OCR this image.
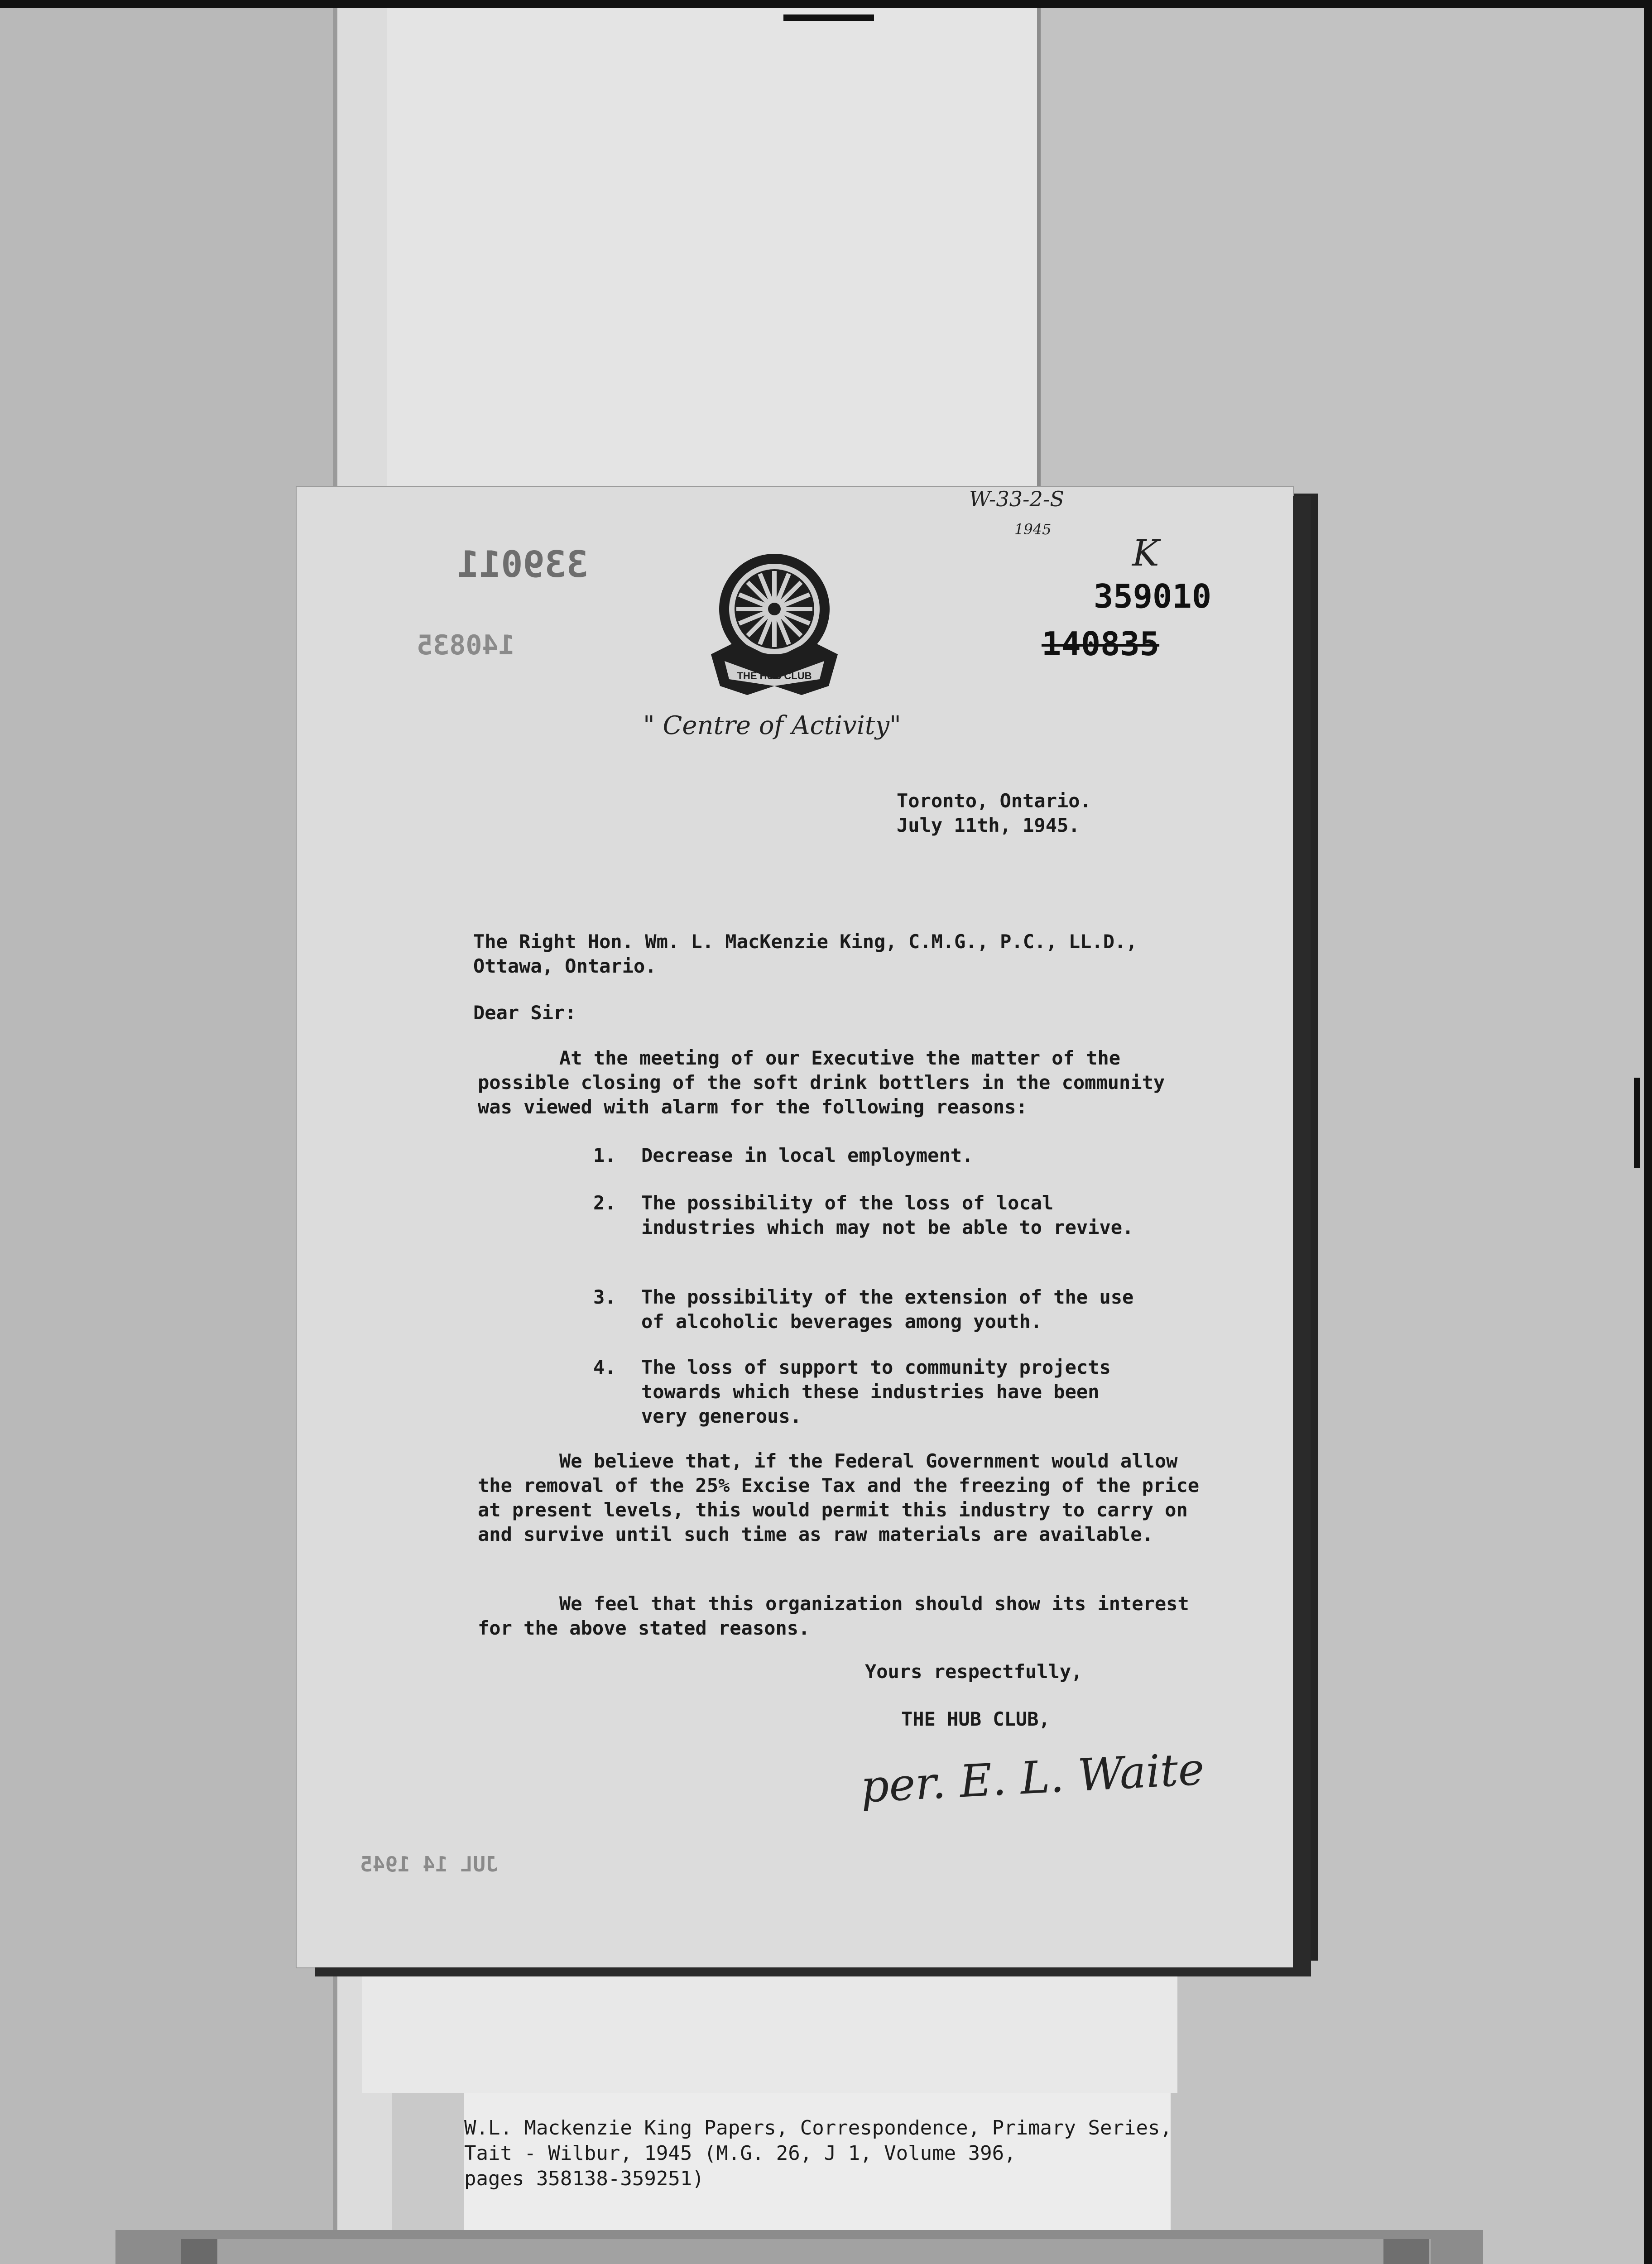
339011
140835
JUL 14 1945
W-33-2-S
1945
K
359010
140835
THE HUB CLUB
" Centre of Activity"
Toronto, Ontario.
July 11th, 1945.
The Right Hon. Wm. L. MacKenzie King, C.M.G., P.C., LL.D.,
Ottawa, Ontario.
Dear Sir:
At the meeting of our Executive the matter of the possible closing of the soft drink bottlers in the community was viewed with alarm for the following reasons:
1. Decrease in local employment.
2. The possibility of the loss of local industries which may not be able to revive.
3. The possibility of the extension of the use of alcoholic beverages among youth.
4. The loss of support to community projects towards which these industries have been very generous.
We believe that, if the Federal Government would allow the removal of the 25% Excise Tax and the freezing of the price at present levels, this would permit this industry to carry on and survive until such time as raw materials are available.
We feel that this organization should show its interest for the above stated reasons.
Yours respectfully,
THE HUB CLUB,
per. E. L. Waite
W.L. Mackenzie King Papers, Correspondence, Primary Series,
Tait - Wilbur, 1945 (M.G. 26, J 1, Volume 396,
pages 358138-359251)
